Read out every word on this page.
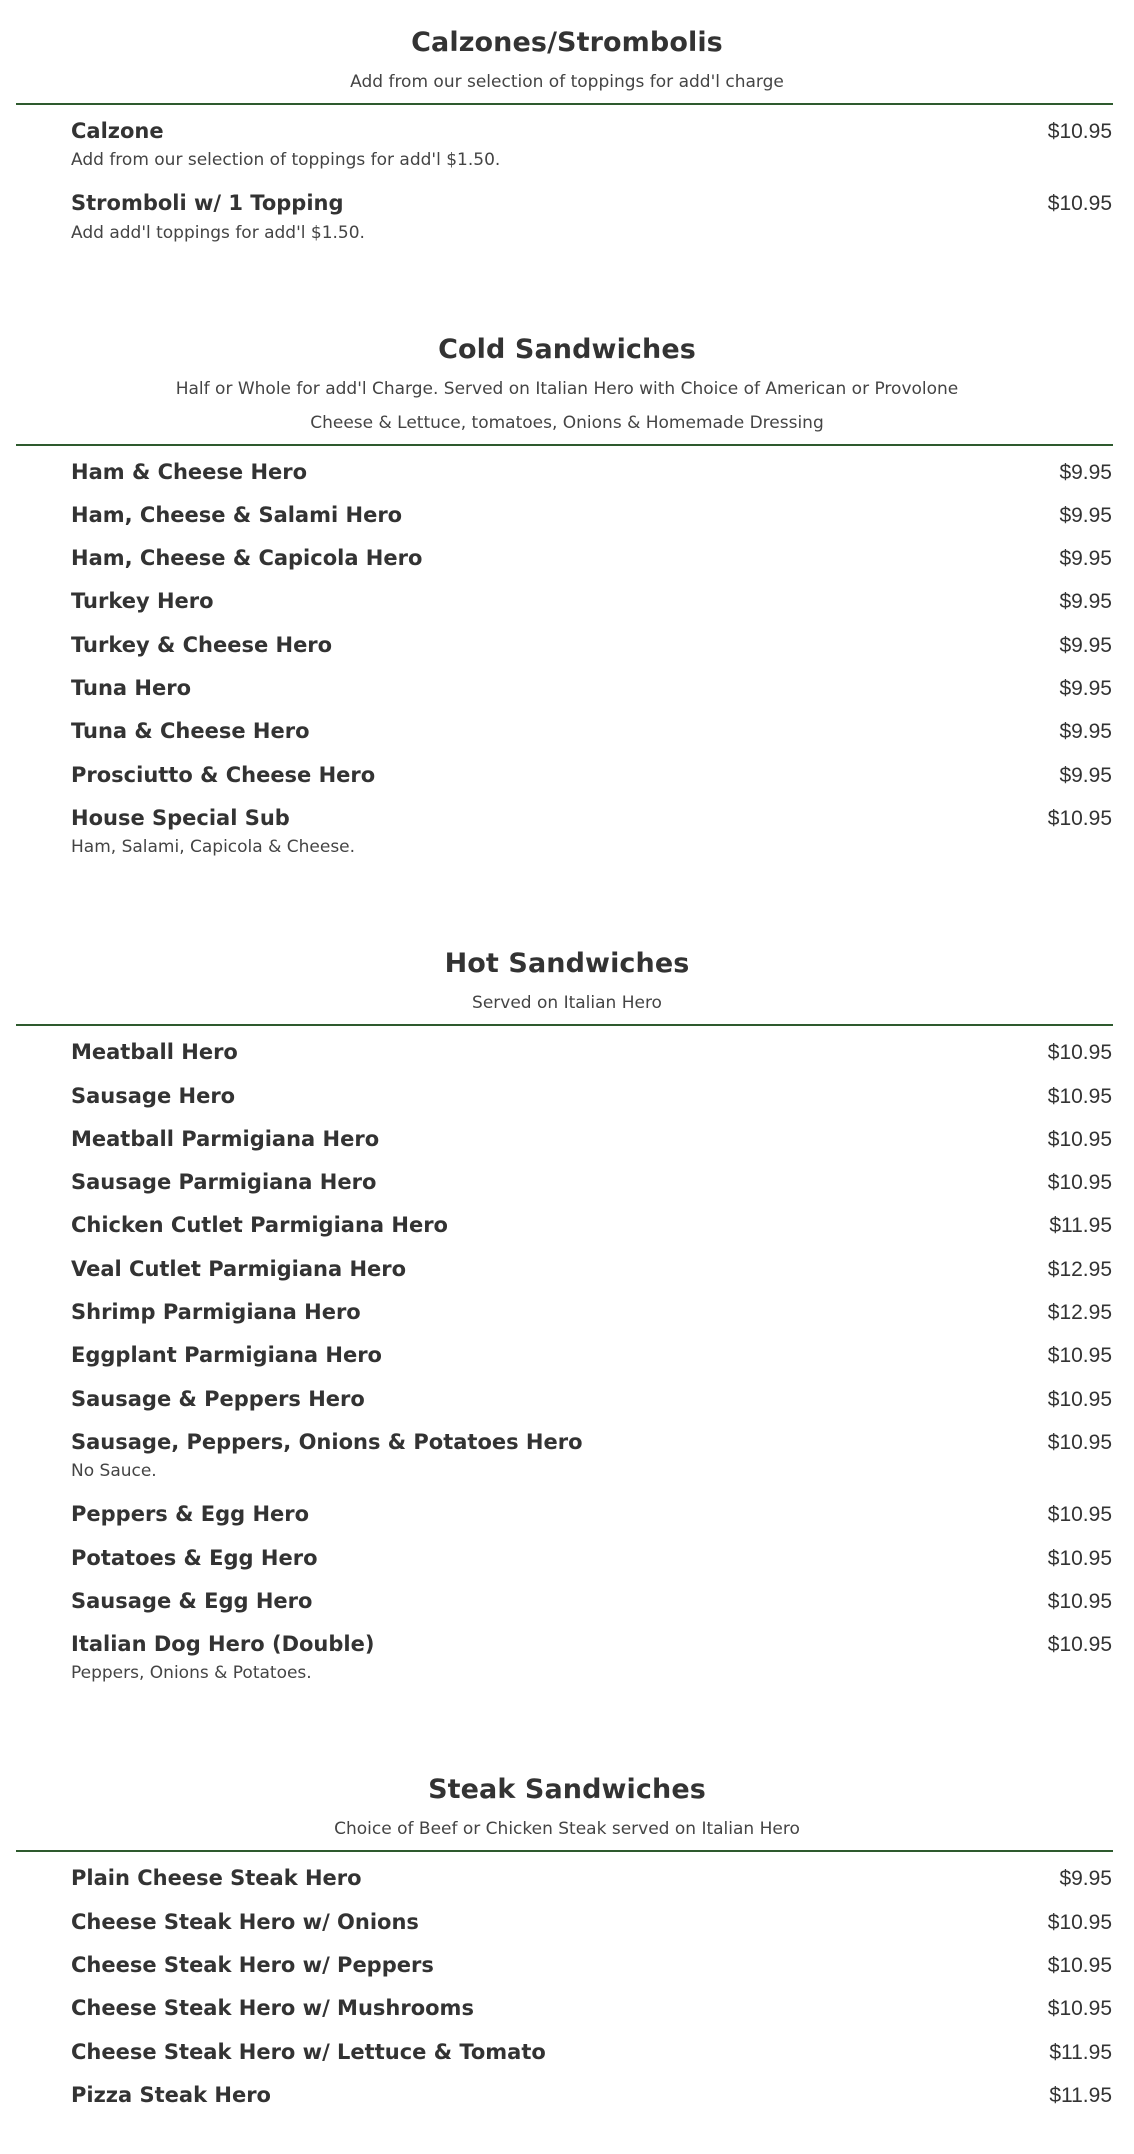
Calzones/Strombolis
Add from our selection of toppings for add'l charge
Calzone	$10.95
Add from our selection of toppings for add'l $1.50.
Stromboli w/ 1 Topping	$10.95
Add add'l toppings for add'l $1.50.
Cold Sandwiches
Half or Whole for add'l Charge. Served on Italian Hero with Choice of American or Provolone
Cheese & Lettuce, tomatoes, Onions & Homemade Dressing
Ham & Cheese Hero	$9.95
Ham, Cheese & Salami Hero	$9.95
Ham, Cheese & Capicola Hero	$9.95
Turkey Hero	$9.95
Turkey & Cheese Hero	$9.95
Tuna Hero	$9.95
Tuna & Cheese Hero	$9.95
Prosciutto & Cheese Hero	$9.95
House Special Sub	$10.95
Ham, Salami, Capicola & Cheese.
Hot Sandwiches
Served on Italian Hero
Meatball Hero	$10.95
Sausage Hero	$10.95
Meatball Parmigiana Hero	$10.95
Sausage Parmigiana Hero	$10.95
Chicken Cutlet Parmigiana Hero	$11.95
Veal Cutlet Parmigiana Hero	$12.95
Shrimp Parmigiana Hero	$12.95
Eggplant Parmigiana Hero	$10.95
Sausage & Peppers Hero	$10.95
Sausage, Peppers, Onions & Potatoes Hero	$10.95
No Sauce.
Peppers & Egg Hero	$10.95
Potatoes & Egg Hero	$10.95
Sausage & Egg Hero	$10.95
Italian Dog Hero (Double)	$10.95
Peppers, Onions & Potatoes.
Steak Sandwiches
Choice of Beef or Chicken Steak served on Italian Hero
Plain Cheese Steak Hero	$9.95
Cheese Steak Hero w/ Onions	$10.95
Cheese Steak Hero w/ Peppers	$10.95
Cheese Steak Hero w/ Mushrooms	$10.95
Cheese Steak Hero w/ Lettuce & Tomato	$11.95
Pizza Steak Hero	$11.95
